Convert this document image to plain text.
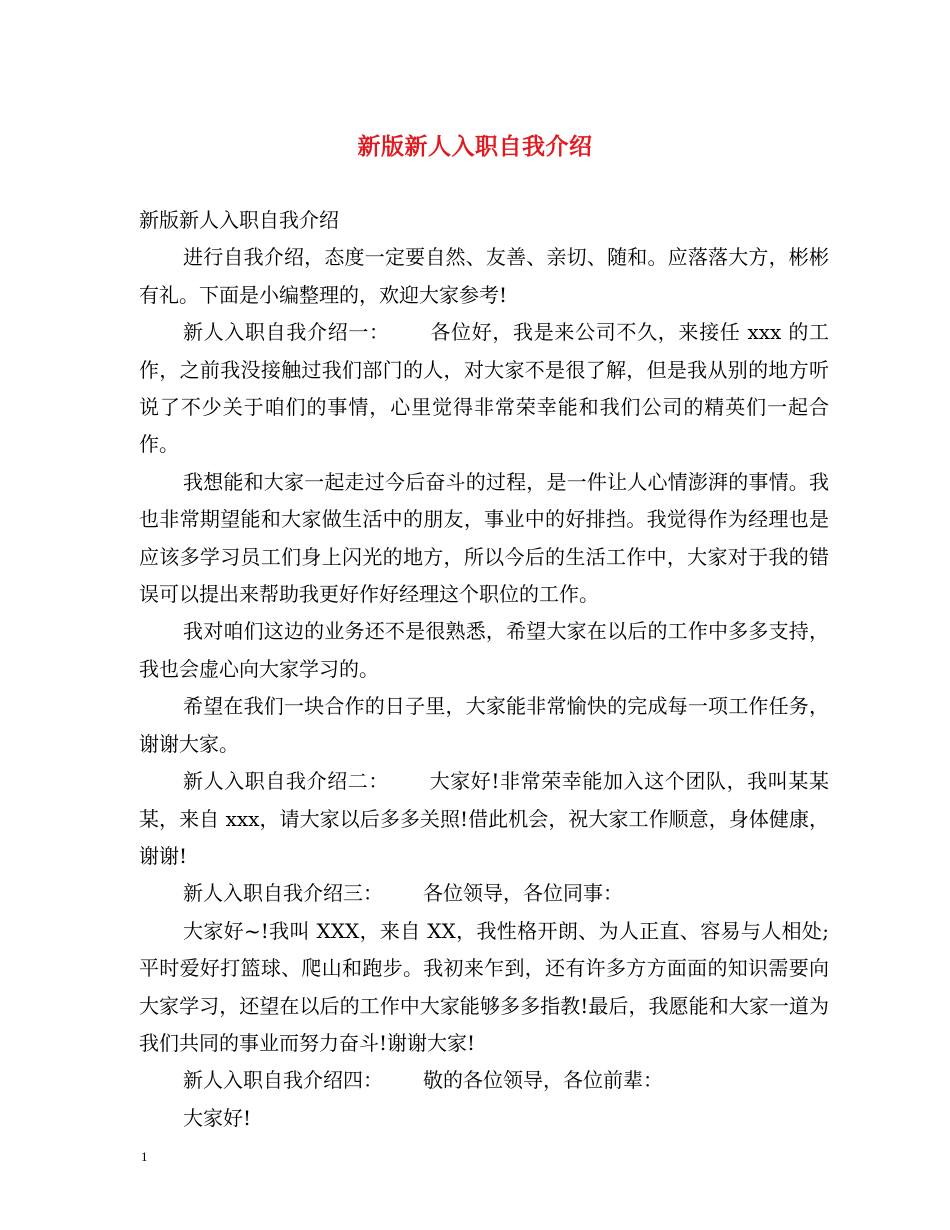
新版新人入职自我介绍

新版新人入职自我介绍

进行自我介绍，态度一定要自然、友善、亲切、随和。应落落大方，彬彬有礼。下面是小编整理的，欢迎大家参考!

新人入职自我介绍一： 各位好，我是来公司不久，来接任 xxx 的工作，之前我没接触过我们部门的人，对大家不是很了解，但是我从别的地方听说了不少关于咱们的事情，心里觉得非常荣幸能和我们公司的精英们一起合作。

我想能和大家一起走过今后奋斗的过程，是一件让人心情澎湃的事情。我也非常期望能和大家做生活中的朋友，事业中的好排挡。我觉得作为经理也是应该多学习员工们身上闪光的地方，所以今后的生活工作中，大家对于我的错误可以提出来帮助我更好作好经理这个职位的工作。

我对咱们这边的业务还不是很熟悉，希望大家在以后的工作中多多支持，我也会虚心向大家学习的。

希望在我们一块合作的日子里，大家能非常愉快的完成每一项工作任务，谢谢大家。

新人入职自我介绍二： 大家好!非常荣幸能加入这个团队，我叫某某某，来自 xxx，请大家以后多多关照!借此机会，祝大家工作顺意，身体健康，谢谢!

新人入职自我介绍三： 各位领导，各位同事：

大家好~!我叫 XXX，来自 XX，我性格开朗、为人正直、容易与人相处;平时爱好打篮球、爬山和跑步。我初来乍到，还有许多方方面面的知识需要向大家学习，还望在以后的工作中大家能够多多指教!最后，我愿能和大家一道为我们共同的事业而努力奋斗!谢谢大家!

新人入职自我介绍四： 敬的各位领导，各位前辈：

大家好!

1
